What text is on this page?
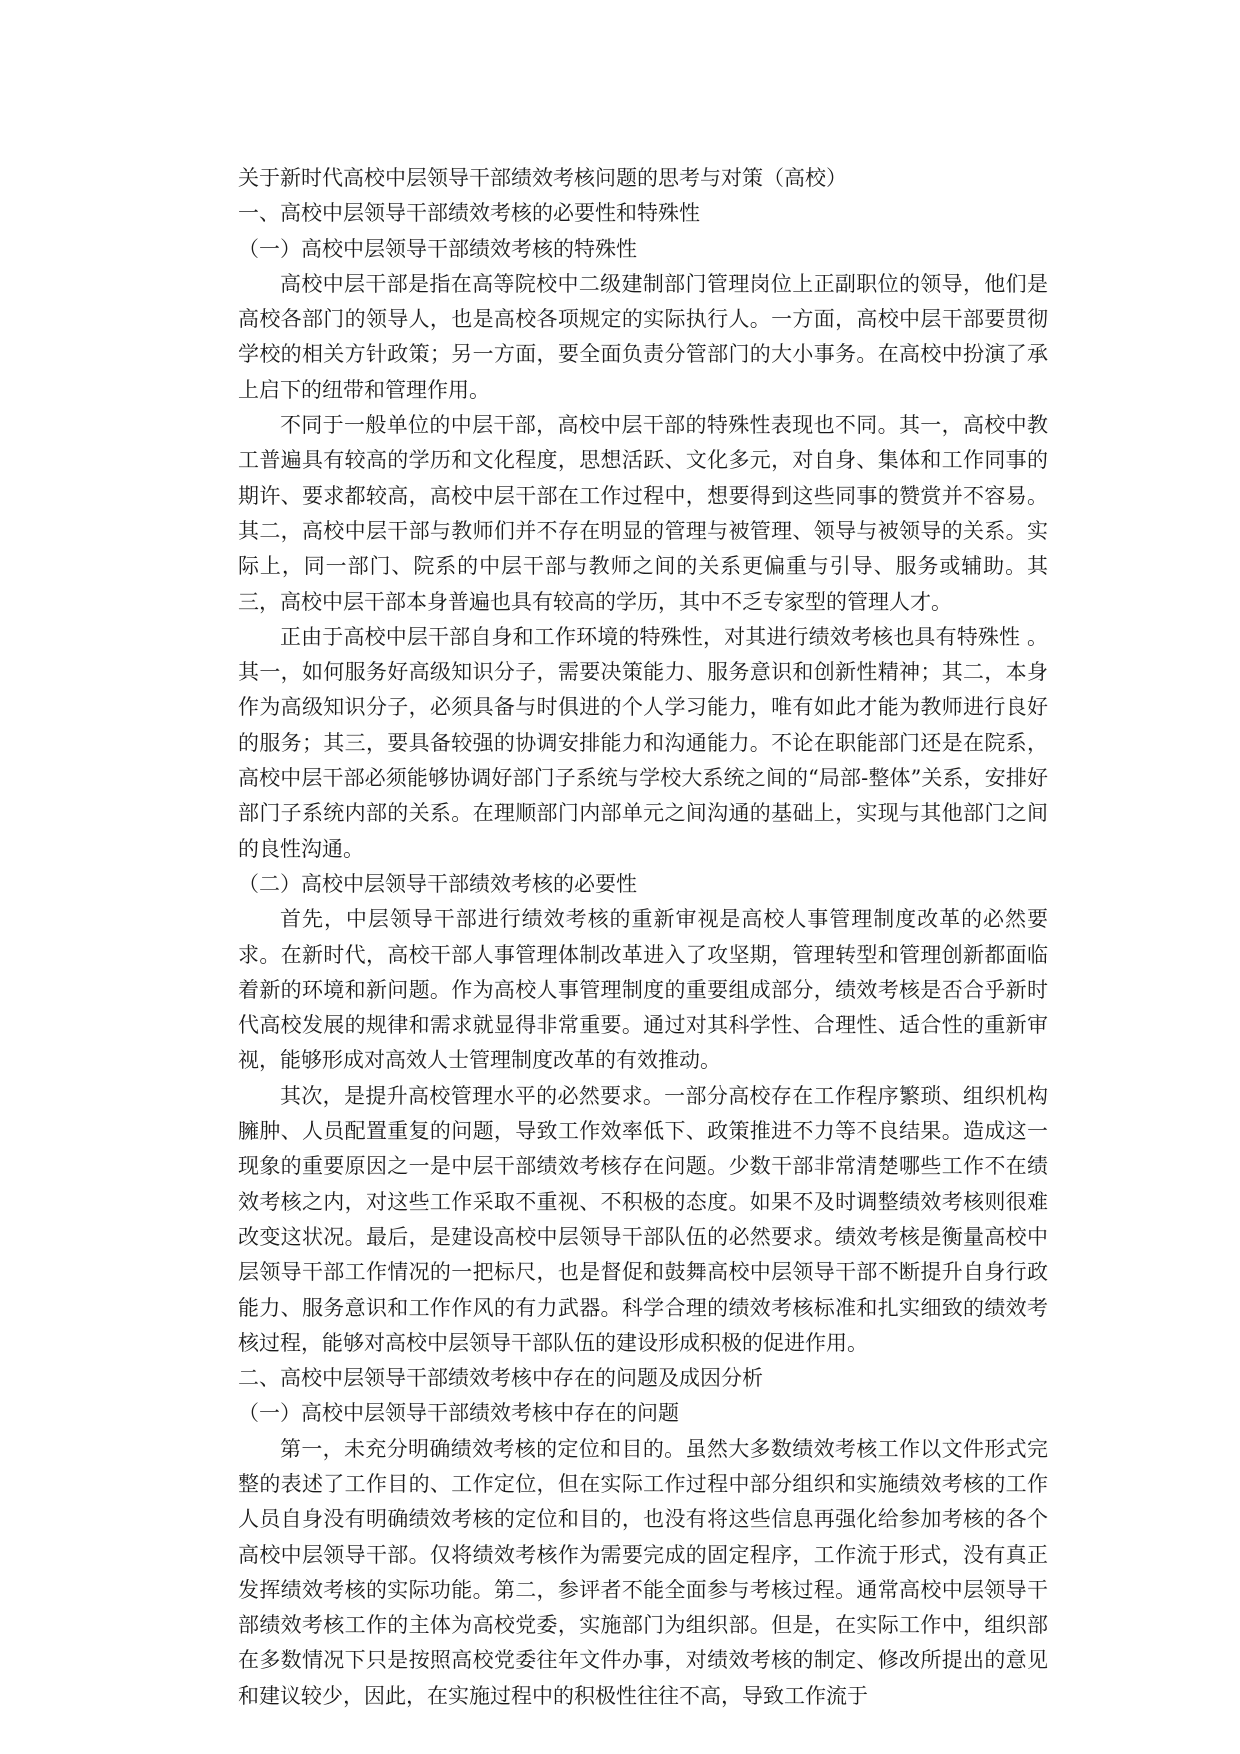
关于新时代高校中层领导干部绩效考核问题的思考与对策（高校）

一、高校中层领导干部绩效考核的必要性和特殊性

（一）高校中层领导干部绩效考核的特殊性

高校中层干部是指在高等院校中二级建制部门管理岗位上正副职位的领导，他们是高校各部门的领导人，也是高校各项规定的实际执行人。一方面，高校中层干部要贯彻学校的相关方针政策；另一方面，要全面负责分管部门的大小事务。在高校中扮演了承上启下的纽带和管理作用。

不同于一般单位的中层干部，高校中层干部的特殊性表现也不同。其一，高校中教工普遍具有较高的学历和文化程度，思想活跃、文化多元，对自身、集体和工作同事的期许、要求都较高，高校中层干部在工作过程中，想要得到这些同事的赞赏并不容易。其二，高校中层干部与教师们并不存在明显的管理与被管理、领导与被领导的关系。实际上，同一部门、院系的中层干部与教师之间的关系更偏重与引导、服务或辅助。其三，高校中层干部本身普遍也具有较高的学历，其中不乏专家型的管理人才。

正由于高校中层干部自身和工作环境的特殊性，对其进行绩效考核也具有特殊性 。其一，如何服务好高级知识分子，需要决策能力、服务意识和创新性精神；其二，本身作为高级知识分子，必须具备与时俱进的个人学习能力，唯有如此才能为教师进行良好的服务；其三，要具备较强的协调安排能力和沟通能力。不论在职能部门还是在院系，高校中层干部必须能够协调好部门子系统与学校大系统之间的“局部-整体”关系，安排好部门子系统内部的关系。在理顺部门内部单元之间沟通的基础上，实现与其他部门之间的良性沟通。

（二）高校中层领导干部绩效考核的必要性

首先，中层领导干部进行绩效考核的重新审视是高校人事管理制度改革的必然要求。在新时代，高校干部人事管理体制改革进入了攻坚期，管理转型和管理创新都面临着新的环境和新问题。作为高校人事管理制度的重要组成部分，绩效考核是否合乎新时代高校发展的规律和需求就显得非常重要。通过对其科学性、合理性、适合性的重新审视，能够形成对高效人士管理制度改革的有效推动。

其次，是提升高校管理水平的必然要求。一部分高校存在工作程序繁琐、组织机构臃肿、人员配置重复的问题，导致工作效率低下、政策推进不力等不良结果。造成这一现象的重要原因之一是中层干部绩效考核存在问题。少数干部非常清楚哪些工作不在绩效考核之内，对这些工作采取不重视、不积极的态度。如果不及时调整绩效考核则很难改变这状况。最后，是建设高校中层领导干部队伍的必然要求。绩效考核是衡量高校中层领导干部工作情况的一把标尺，也是督促和鼓舞高校中层领导干部不断提升自身行政能力、服务意识和工作作风的有力武器。科学合理的绩效考核标准和扎实细致的绩效考核过程，能够对高校中层领导干部队伍的建设形成积极的促进作用。

二、高校中层领导干部绩效考核中存在的问题及成因分析

（一）高校中层领导干部绩效考核中存在的问题

第一，未充分明确绩效考核的定位和目的。虽然大多数绩效考核工作以文件形式完整的表述了工作目的、工作定位，但在实际工作过程中部分组织和实施绩效考核的工作人员自身没有明确绩效考核的定位和目的，也没有将这些信息再强化给参加考核的各个高校中层领导干部。仅将绩效考核作为需要完成的固定程序，工作流于形式，没有真正发挥绩效考核的实际功能。第二，参评者不能全面参与考核过程。通常高校中层领导干部绩效考核工作的主体为高校党委，实施部门为组织部。但是，在实际工作中，组织部在多数情况下只是按照高校党委往年文件办事，对绩效考核的制定、修改所提出的意见和建议较少，因此，在实施过程中的积极性往往不高，导致工作流于
